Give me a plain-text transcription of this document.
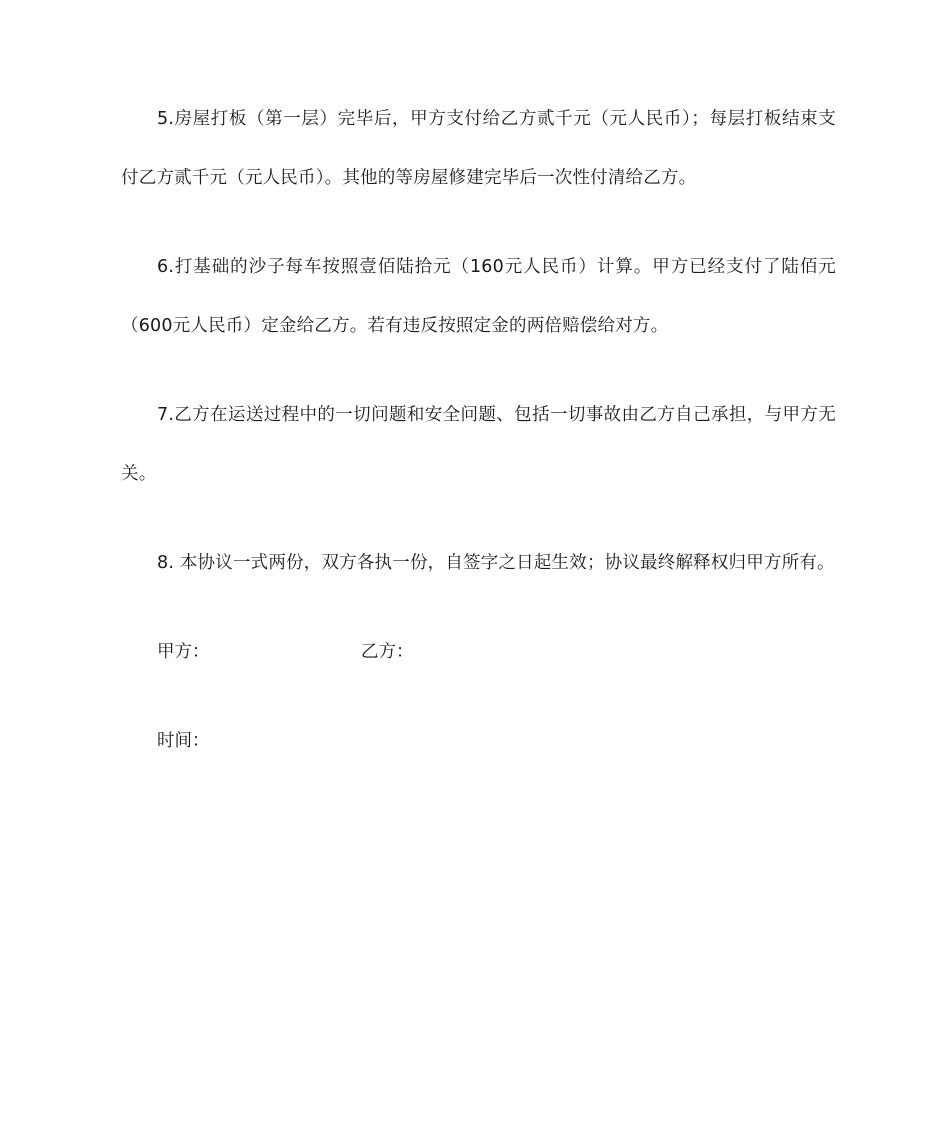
5.房屋打板（第一层）完毕后，甲方支付给乙方贰千元（元人民币）；每层打板结束支付乙方贰千元（元人民币）。其他的等房屋修建完毕后一次性付清给乙方。

6.打基础的沙子每车按照壹佰陆拾元（160元人民币）计算。甲方已经支付了陆佰元（600元人民币）定金给乙方。若有违反按照定金的两倍赔偿给对方。

7.乙方在运送过程中的一切问题和安全问题、包括一切事故由乙方自己承担，与甲方无关。

8. 本协议一式两份，双方各执一份，自签字之日起生效；协议最终解释权归甲方所有。

甲方：	乙方：
时间：
